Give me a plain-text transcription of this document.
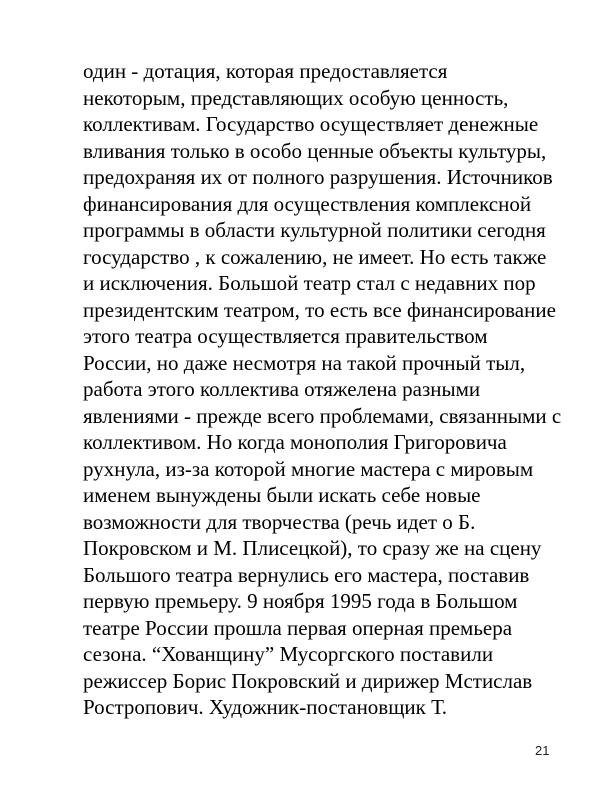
один - дотация, которая предоставляется
некоторым, представляющих особую ценность,
коллективам. Государство осуществляет денежные
вливания только в особо ценные объекты культуры,
предохраняя их от полного разрушения. Источников
финансирования для осуществления комплексной
программы в области культурной политики сегодня
государство , к сожалению, не имеет. Но есть также
и исключения. Большой театр стал с недавних пор
президентским театром, то есть все финансирование
этого театра осуществляется правительством
России, но даже несмотря на такой прочный тыл,
работа этого коллектива отяжелена разными
явлениями - прежде всего проблемами, связанными с
коллективом. Но когда монополия Григоровича
рухнула, из-за которой многие мастера с мировым
именем вынуждены были искать себе новые
возможности для творчества (речь идет о Б.
Покровском и М. Плисецкой), то сразу же на сцену
Большого театра вернулись его мастера, поставив
первую премьеру. 9 ноября 1995 года в Большом
театре России прошла первая оперная премьера
сезона. “Хованщину” Мусоргского поставили
режиссер Борис Покровский и дирижер Мстислав
Ростропович. Художник-постановщик Т.
21
